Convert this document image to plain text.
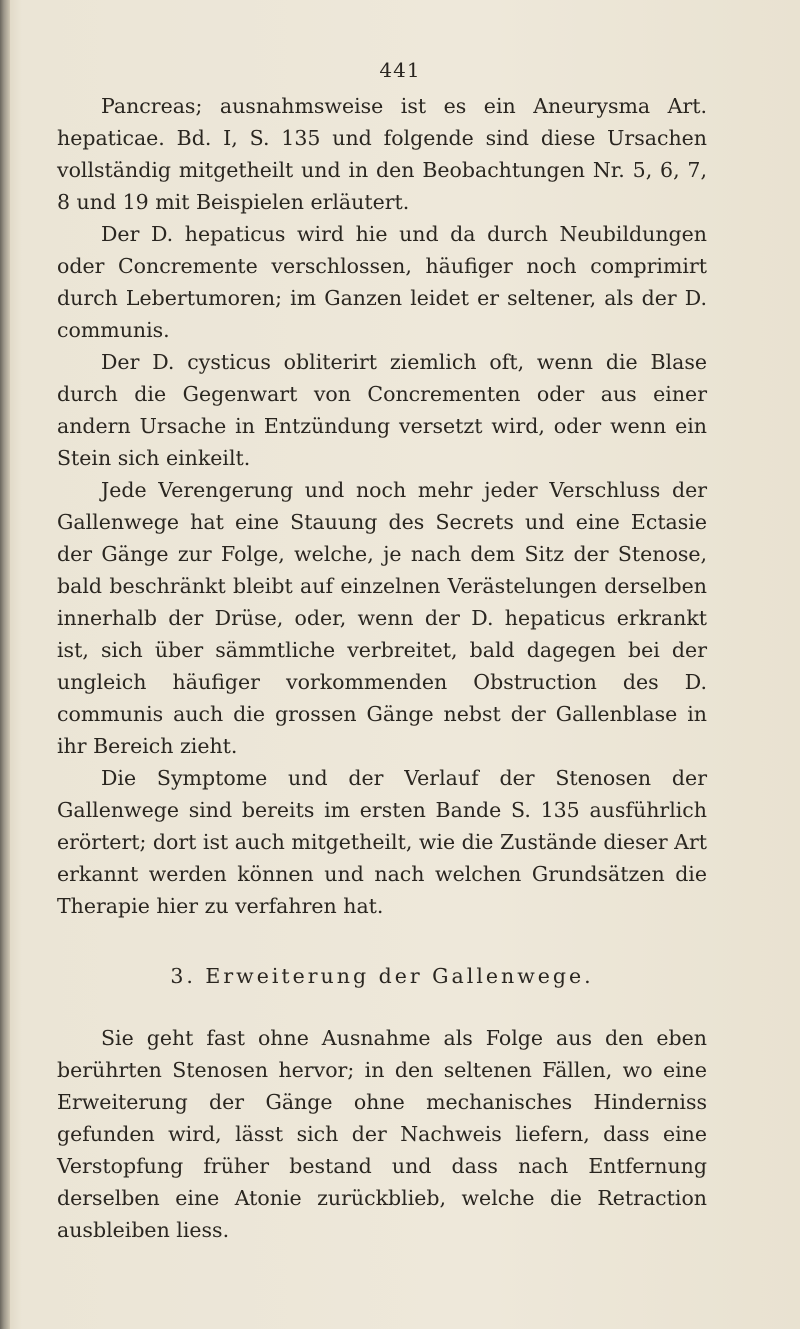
441

Pancreas; ausnahmsweise ist es ein Aneurysma Art. hepaticae. Bd. I, S. 135 und folgende sind diese Ursachen vollständig mitgetheilt und in den Beobachtungen Nr. 5, 6, 7, 8 und 19 mit Beispielen erläutert.

Der D. hepaticus wird hie und da durch Neubildungen oder Concremente verschlossen, häufiger noch comprimirt durch Lebertumoren; im Ganzen leidet er seltener, als der D. communis.

Der D. cysticus obliterirt ziemlich oft, wenn die Blase durch die Gegenwart von Concrementen oder aus einer andern Ursache in Entzündung versetzt wird, oder wenn ein Stein sich einkeilt.

Jede Verengerung und noch mehr jeder Verschluss der Gallenwege hat eine Stauung des Secrets und eine Ectasie der Gänge zur Folge, welche, je nach dem Sitz der Stenose, bald beschränkt bleibt auf einzelnen Verästelungen derselben innerhalb der Drüse, oder, wenn der D. hepaticus erkrankt ist, sich über sämmtliche verbreitet, bald dagegen bei der ungleich häufiger vorkommenden Obstruction des D. communis auch die grossen Gänge nebst der Gallenblase in ihr Bereich zieht.

Die Symptome und der Verlauf der Stenosen der Gallenwege sind bereits im ersten Bande S. 135 ausführlich erörtert; dort ist auch mitgetheilt, wie die Zustände dieser Art erkannt werden können und nach welchen Grundsätzen die Therapie hier zu verfahren hat.

3. Erweiterung der Gallenwege.

Sie geht fast ohne Ausnahme als Folge aus den eben berührten Stenosen hervor; in den seltenen Fällen, wo eine Erweiterung der Gänge ohne mechanisches Hinderniss gefunden wird, lässt sich der Nachweis liefern, dass eine Verstopfung früher bestand und dass nach Entfernung derselben eine Atonie zurückblieb, welche die Retraction ausbleiben liess.
